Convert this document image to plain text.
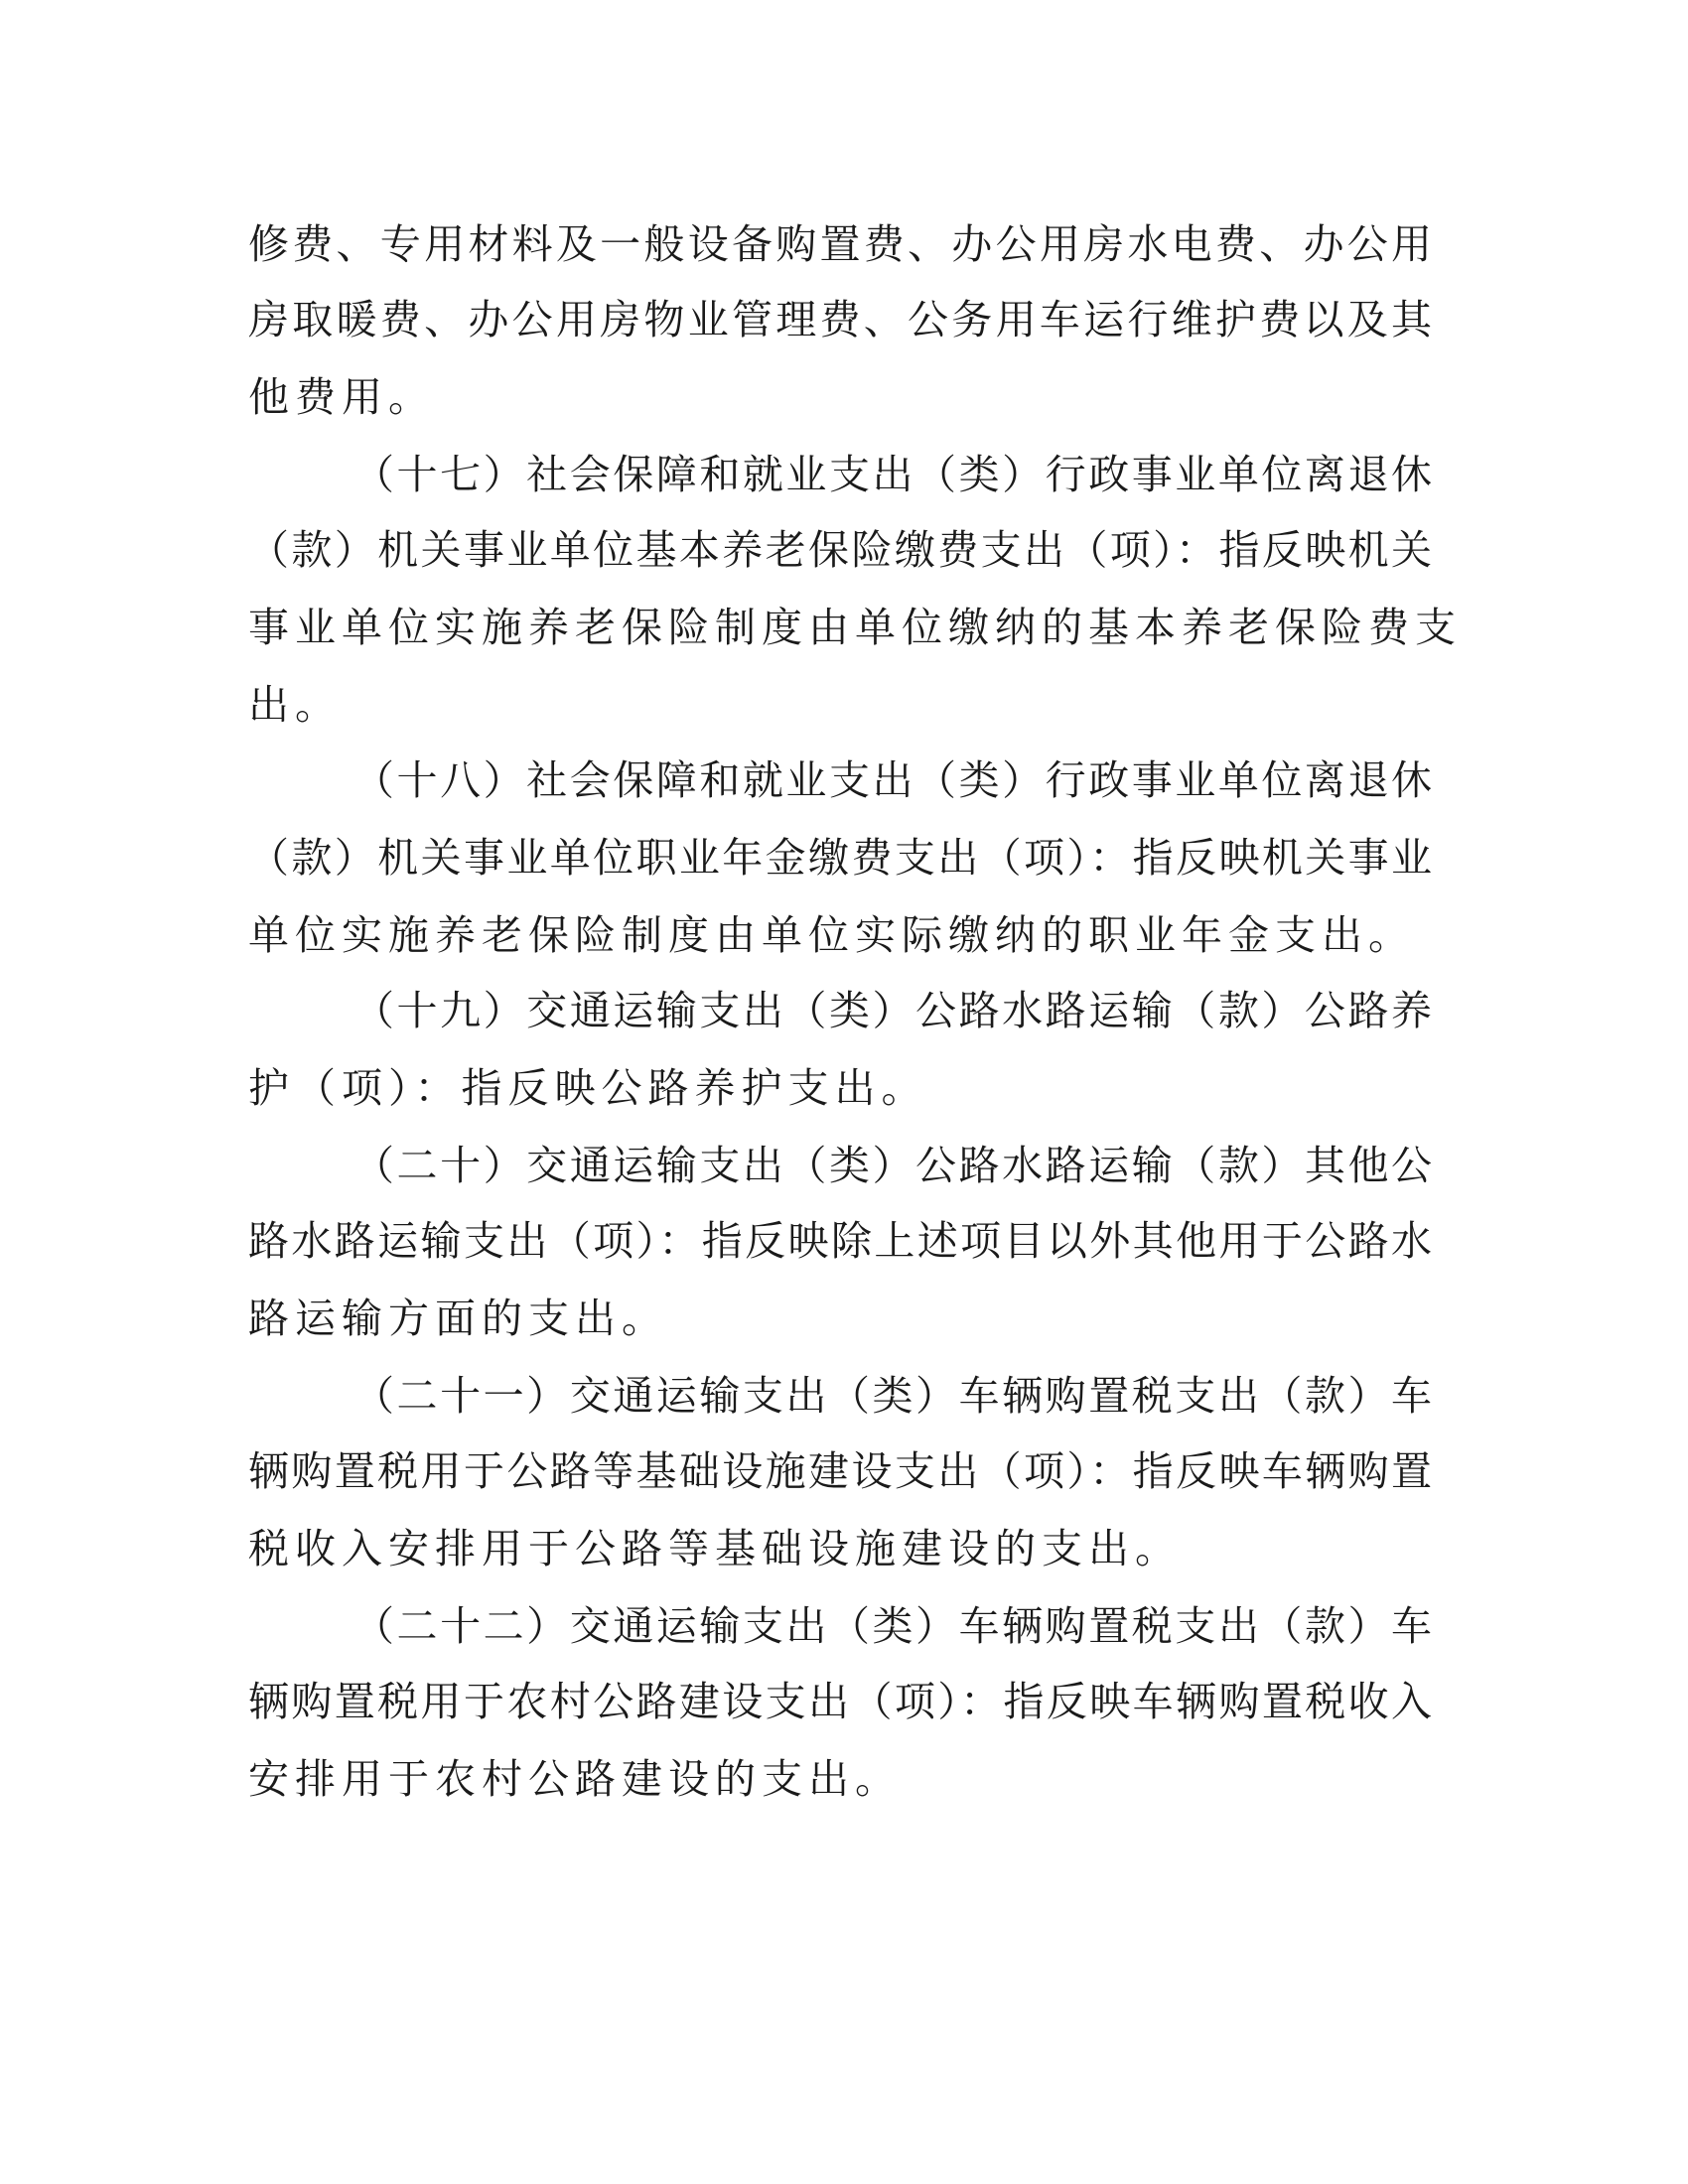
修费、专用材料及一般设备购置费、办公用房水电费、办公用
房取暖费、办公用房物业管理费、公务用车运行维护费以及其
他费用。
（十七）社会保障和就业支出（类）行政事业单位离退休
（款）机关事业单位基本养老保险缴费支出（项）：指反映机关
事业单位实施养老保险制度由单位缴纳的基本养老保险费支
出。
（十八）社会保障和就业支出（类）行政事业单位离退休
（款）机关事业单位职业年金缴费支出（项）：指反映机关事业
单位实施养老保险制度由单位实际缴纳的职业年金支出。
（十九）交通运输支出（类）公路水路运输（款）公路养
护（项）：指反映公路养护支出。
（二十）交通运输支出（类）公路水路运输（款）其他公
路水路运输支出（项）：指反映除上述项目以外其他用于公路水
路运输方面的支出。
（二十一）交通运输支出（类）车辆购置税支出（款）车
辆购置税用于公路等基础设施建设支出（项）：指反映车辆购置
税收入安排用于公路等基础设施建设的支出。
（二十二）交通运输支出（类）车辆购置税支出（款）车
辆购置税用于农村公路建设支出（项）：指反映车辆购置税收入
安排用于农村公路建设的支出。
